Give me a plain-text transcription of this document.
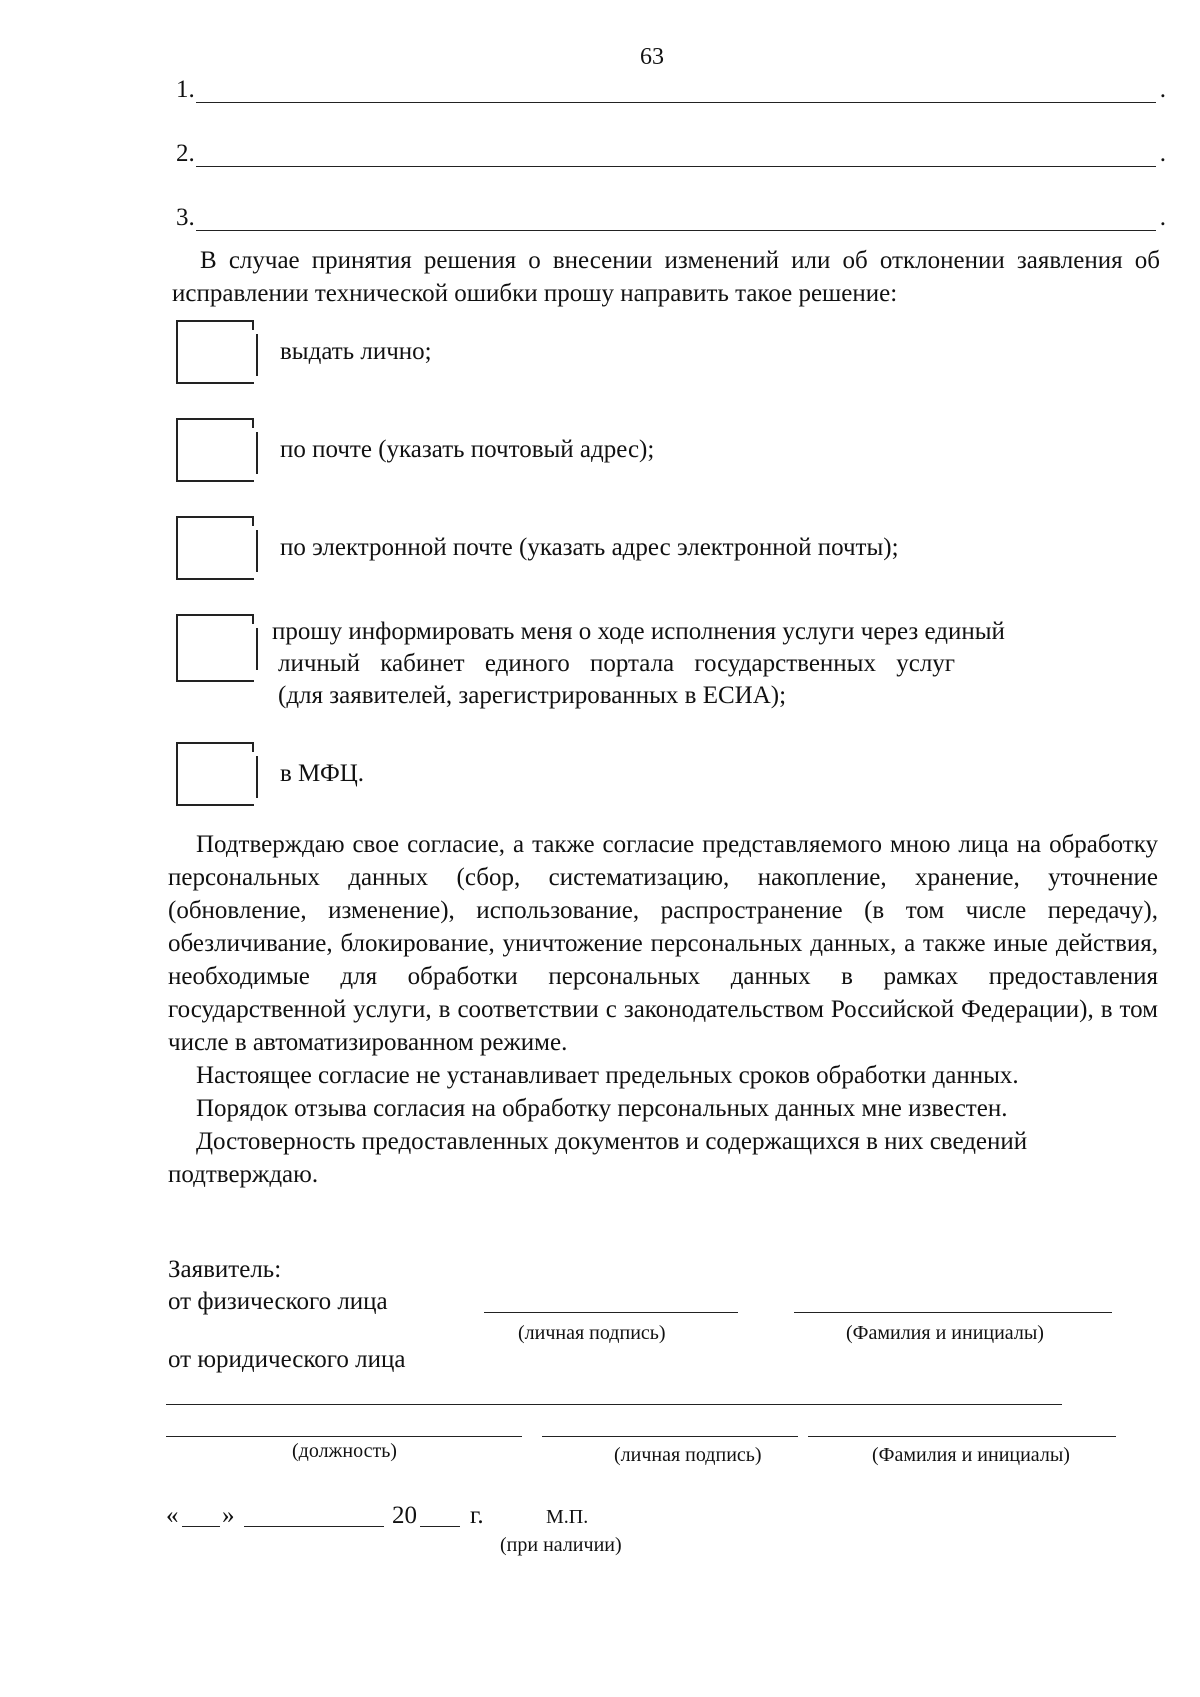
63
1.	.
2.	.
3.	.

В случае принятия решения о внесении изменений или об отклонении заявления об исправлении технической ошибки прошу направить такое решение:

выдать лично;
по почте (указать почтовый адрес);
по электронной почте (указать адрес электронной почты);
прошу информировать меня о ходе исполнения услуги через единый
личный кабинет единого портала государственных услуг
(для заявителей, зарегистрированных в ЕСИА);
в МФЦ.

Подтверждаю свое согласие, а также согласие представляемого мною лица на обработку персональных данных (сбор, систематизацию, накопление, хранение, уточнение (обновление, изменение), использование, распространение (в том числе передачу), обезличивание, блокирование, уничтожение персональных данных, а также иные действия, необходимые для обработки персональных данных в рамках предоставления государственной услуги, в соответствии с законодательством Российской Федерации), в том числе в автоматизированном режиме.

Настоящее согласие не устанавливает предельных сроков обработки данных.

Порядок отзыва согласия на обработку персональных данных мне известен.

Достоверность предоставленных документов и содержащихся в них сведений подтверждаю.

Заявитель:
от физического лица
(личная подпись)	(Фамилия и инициалы)
от юридического лица
(должность)	(личная подпись)	(Фамилия и инициалы)
« »	20 г.	М.П.
(при наличии)
